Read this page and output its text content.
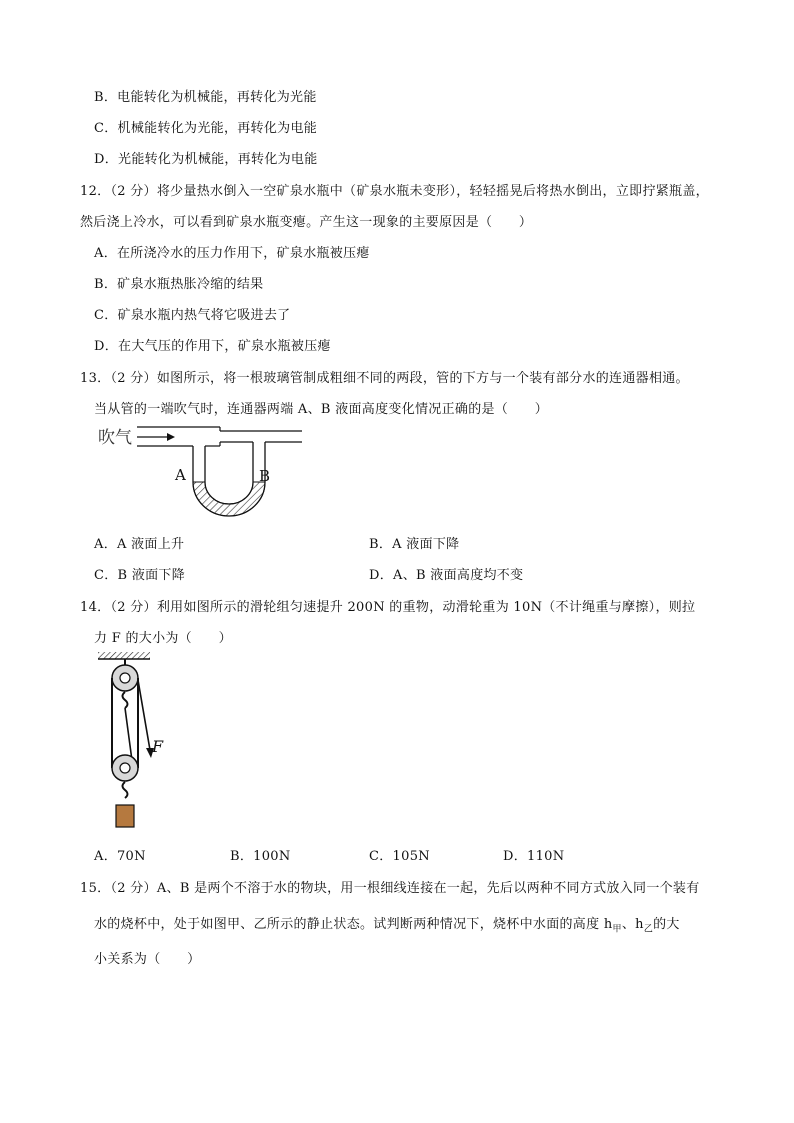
B．电能转化为机械能，再转化为光能
C．机械能转化为光能，再转化为电能
D．光能转化为机械能，再转化为电能
12．（2 分）将少量热水倒入一空矿泉水瓶中（矿泉水瓶未变形），轻轻摇晃后将热水倒出，立即拧紧瓶盖，
然后浇上冷水，可以看到矿泉水瓶变瘪。产生这一现象的主要原因是（　　）
A．在所浇冷水的压力作用下，矿泉水瓶被压瘪
B．矿泉水瓶热胀冷缩的结果
C．矿泉水瓶内热气将它吸进去了
D．在大气压的作用下，矿泉水瓶被压瘪
13．（2 分）如图所示，将一根玻璃管制成粗细不同的两段，管的下方与一个装有部分水的连通器相通。
当从管的一端吹气时，连通器两端 A、B 液面高度变化情况正确的是（　　）
吹气
A	B
A．A 液面上升	B．A 液面下降
C．B 液面下降	D．A、B 液面高度均不变
14．（2 分）利用如图所示的滑轮组匀速提升 200N 的重物，动滑轮重为 10N（不计绳重与摩擦），则拉
力 F 的大小为（　　）
F
A．70N	B．100N	C．105N	D．110N
15．（2 分）A、B 是两个不溶于水的物块，用一根细线连接在一起，先后以两种不同方式放入同一个装有
水的烧杯中，处于如图甲、乙所示的静止状态。试判断两种情况下，烧杯中水面的高度 $h_甲$、$h_乙$的大
小关系为（　　）
